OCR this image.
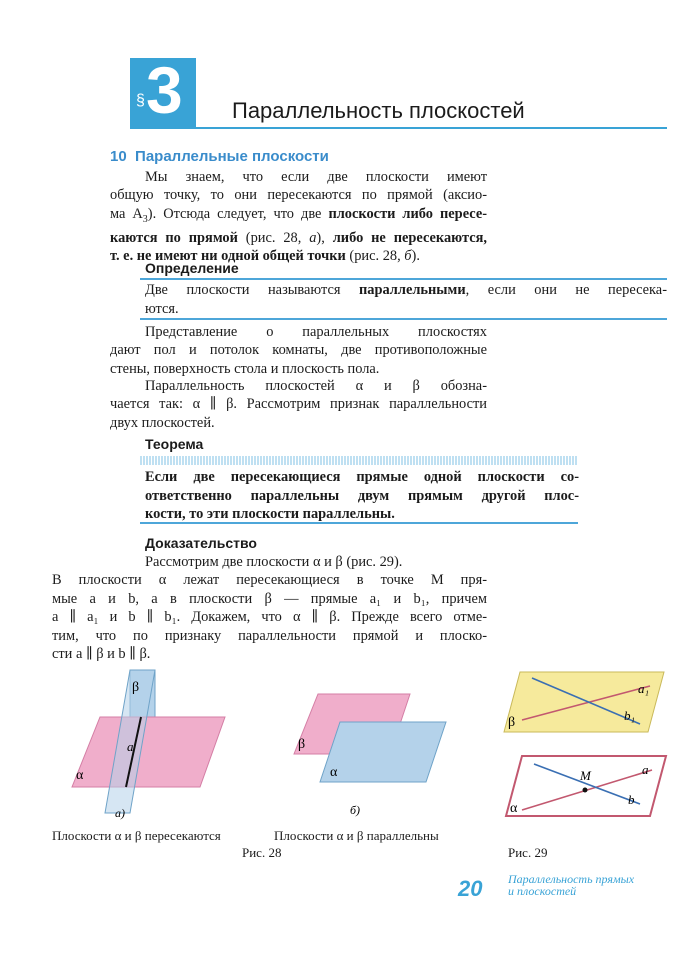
§ 3 Параллельность плоскостей
10 Параллельные плоскости
Мы знаем, что если две плоскости имеют
общую точку, то они пересекаются по прямой (аксио-
ма $А_3$). Отсюда следует, что две плоскости либо пересе-
каются по прямой (рис. 28, а), либо не пересекаются,
т. е. не имеют ни одной общей точки (рис. 28, б).
Определение
Две плоскости называются параллельными, если они не пересека-
ются.
Представление о параллельных плоскостях
дают пол и потолок комнаты, две противоположные
стены, поверхность стола и плоскость пола.
Параллельность плоскостей α и β обозна-
чается так: α ∥ β. Рассмотрим признак параллельности
двух плоскостей.
Теорема
Если две пересекающиеся прямые одной плоскости со-
ответственно параллельны двум прямым другой плос-
кости, то эти плоскости параллельны.
Доказательство
Рассмотрим две плоскости α и β (рис. 29).
В плоскости α лежат пересекающиеся в точке M пря-
мые a и b, а в плоскости β — прямые a₁ и b₁, причем
a ∥ a₁ и b ∥ b₁. Докажем, что α ∥ β. Прежде всего отме-
тим, что по признаку параллельности прямой и плоско-
сти a ∥ β и b ∥ β.
β
α
a
а)
Плоскости α и β пересекаются
β
α
б)
Плоскости α и β параллельны
Рис. 28
β
a₁
b₁
M
α
a
b
Рис. 29
20 Параллельность прямых
и плоскостей
